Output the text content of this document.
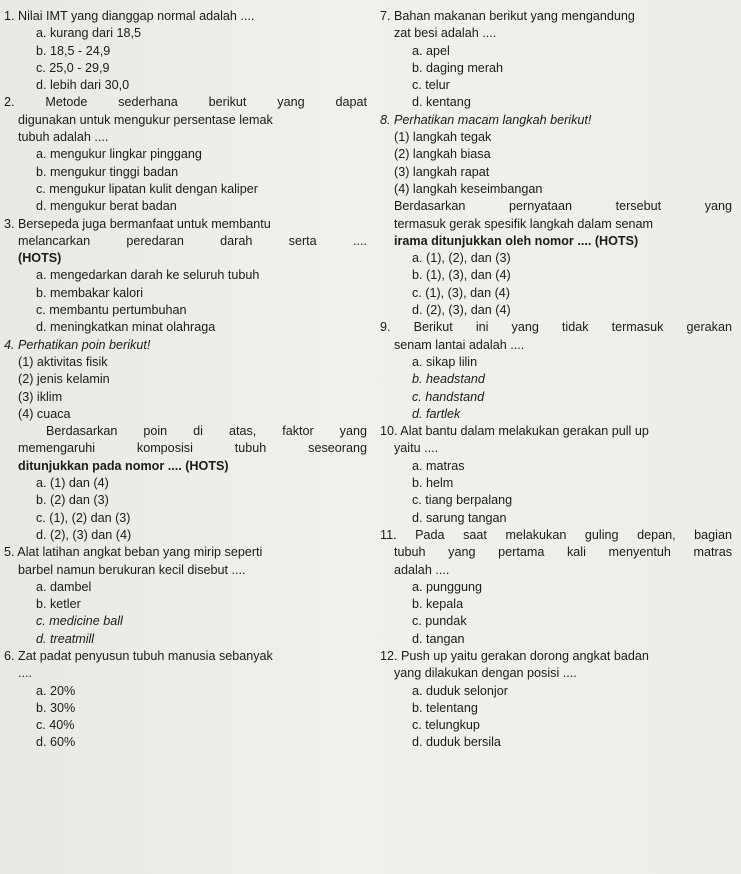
1. Nilai IMT yang dianggap normal adalah ....
a. kurang dari 18,5
b. 18,5 - 24,9
c. 25,0 - 29,9
d. lebih dari 30,0
2. Metode sederhana berikut yang dapat
digunakan untuk mengukur persentase lemak
tubuh adalah ....
a. mengukur lingkar pinggang
b. mengukur tinggi badan
c. mengukur lipatan kulit dengan kaliper
d. mengukur berat badan
3. Bersepeda juga bermanfaat untuk membantu
melancarkan peredaran darah serta ....
(HOTS)
a. mengedarkan darah ke seluruh tubuh
b. membakar kalori
c. membantu pertumbuhan
d. meningkatkan minat olahraga
4. Perhatikan poin berikut!
(1) aktivitas fisik
(2) jenis kelamin
(3) iklim
(4) cuaca
Berdasarkan poin di atas, faktor yang
memengaruhi komposisi tubuh seseorang
ditunjukkan pada nomor .... (HOTS)
a. (1) dan (4)
b. (2) dan (3)
c. (1), (2) dan (3)
d. (2), (3) dan (4)
5. Alat latihan angkat beban yang mirip seperti
barbel namun berukuran kecil disebut ....
a. dambel
b. ketler
c. medicine ball
d. treatmill
6. Zat padat penyusun tubuh manusia sebanyak
....
a. 20%
b. 30%
c. 40%
d. 60%
7. Bahan makanan berikut yang mengandung
zat besi adalah ....
a. apel
b. daging merah
c. telur
d. kentang
8. Perhatikan macam langkah berikut!
(1) langkah tegak
(2) langkah biasa
(3) langkah rapat
(4) langkah keseimbangan
Berdasarkan pernyataan tersebut yang
termasuk gerak spesifik langkah dalam senam
irama ditunjukkan oleh nomor .... (HOTS)
a. (1), (2), dan (3)
b. (1), (3), dan (4)
c. (1), (3), dan (4)
d. (2), (3), dan (4)
9. Berikut ini yang tidak termasuk gerakan
senam lantai adalah ....
a. sikap lilin
b. headstand
c. handstand
d. fartlek
10. Alat bantu dalam melakukan gerakan pull up
yaitu ....
a. matras
b. helm
c. tiang berpalang
d. sarung tangan
11. Pada saat melakukan guling depan, bagian
tubuh yang pertama kali menyentuh matras
adalah ....
a. punggung
b. kepala
c. pundak
d. tangan
12. Push up yaitu gerakan dorong angkat badan
yang dilakukan dengan posisi ....
a. duduk selonjor
b. telentang
c. telungkup
d. duduk bersila
